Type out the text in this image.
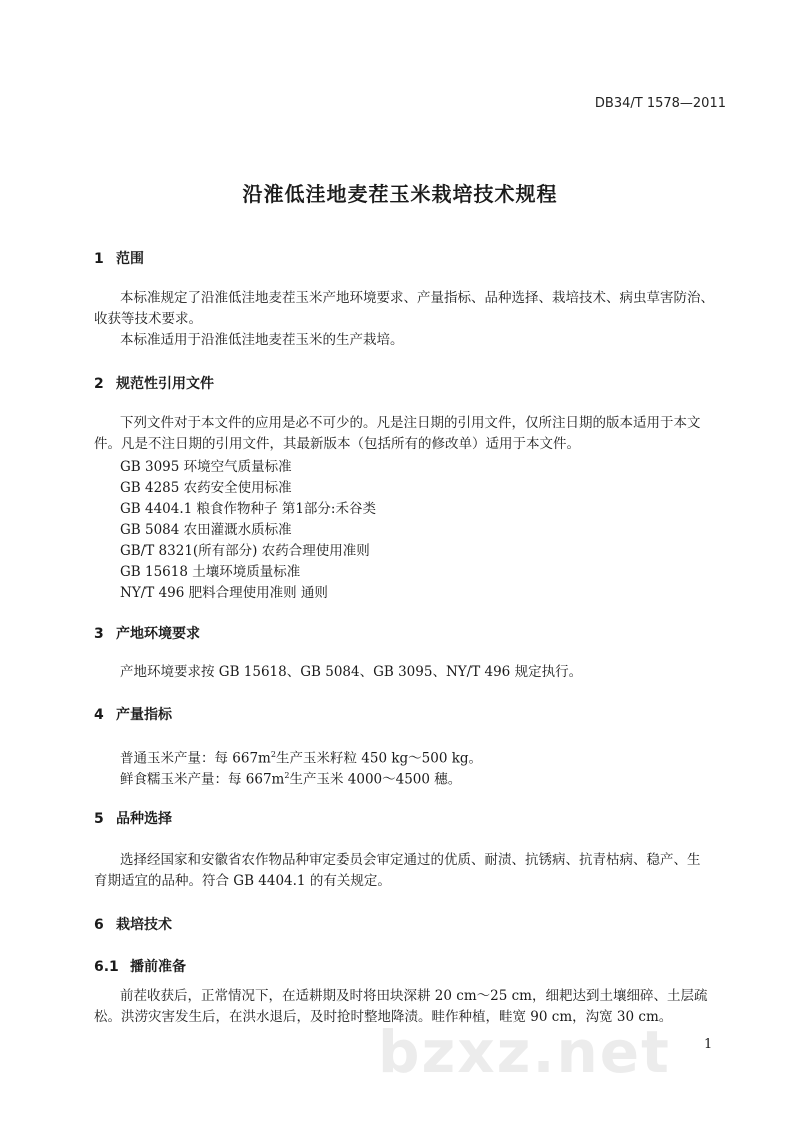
DB34/T 1578—2011
沿淮低洼地麦茬玉米栽培技术规程
1 范围
本标准规定了沿淮低洼地麦茬玉米产地环境要求、产量指标、品种选择、栽培技术、病虫草害防治、
收获等技术要求。
本标准适用于沿淮低洼地麦茬玉米的生产栽培。
2 规范性引用文件
下列文件对于本文件的应用是必不可少的。凡是注日期的引用文件，仅所注日期的版本适用于本文
件。凡是不注日期的引用文件，其最新版本（包括所有的修改单）适用于本文件。
GB 3095 环境空气质量标准
GB 4285 农药安全使用标准
GB 4404.1 粮食作物种子 第1部分:禾谷类
GB 5084 农田灌溉水质标准
GB/T 8321(所有部分) 农药合理使用准则
GB 15618 土壤环境质量标准
NY/T 496 肥料合理使用准则 通则
3 产地环境要求
产地环境要求按 GB 15618、GB 5084、GB 3095、NY/T 496 规定执行。
4 产量指标
普通玉米产量：每 $667m^2$生产玉米籽粒 450 kg～500 kg。
鲜食糯玉米产量：每 $667m^2$生产玉米 4000～4500 穗。
5 品种选择
选择经国家和安徽省农作物品种审定委员会审定通过的优质、耐渍、抗锈病、抗青枯病、稳产、生
育期适宜的品种。符合 GB 4404.1 的有关规定。
6 栽培技术
6.1 播前准备
前茬收获后，正常情况下，在适耕期及时将田块深耕 20 cm～25 cm，细耙达到土壤细碎、土层疏
松。洪涝灾害发生后，在洪水退后，及时抢时整地降渍。畦作种植，畦宽 90 cm，沟宽 30 cm。
bzxz.net	1
